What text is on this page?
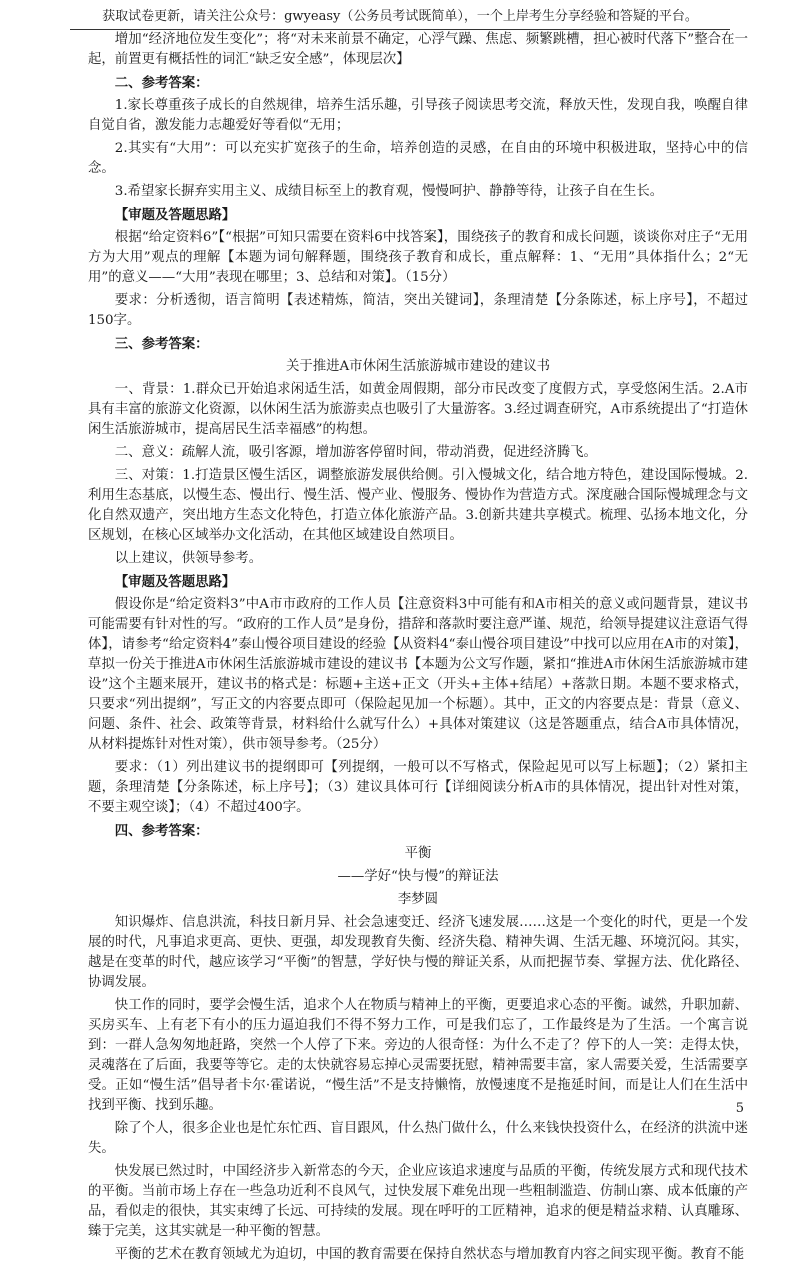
获取试卷更新，请关注公众号：gwyeasy（公务员考试既简单），一个上岸考生分享经验和答疑的平台。
增加“经济地位发生变化”；将“对未来前景不确定，心浮气躁、焦虑、频繁跳槽，担心被时代落下”整合在一起，前置更有概括性的词汇“缺乏安全感”，体现层次】
二、参考答案：
1.家长尊重孩子成长的自然规律，培养生活乐趣，引导孩子阅读思考交流，释放天性，发现自我，唤醒自律自觉自省，激发能力志趣爱好等看似“无用；
2.其实有“大用”：可以充实扩宽孩子的生命，培养创造的灵感，在自由的环境中积极进取，坚持心中的信念。
3.希望家长摒弃实用主义、成绩目标至上的教育观，慢慢呵护、静静等待，让孩子自在生长。
【审题及答题思路】
根据“给定资料6”【“根据”可知只需要在资料6中找答案】，围绕孩子的教育和成长问题，谈谈你对庄子“无用方为大用”观点的理解【本题为词句解释题，围绕孩子教育和成长，重点解释：1、“无用”具体指什么；2“无用”的意义——“大用”表现在哪里；3、总结和对策】。（15分）
要求：分析透彻，语言简明【表述精炼，简洁，突出关键词】，条理清楚【分条陈述，标上序号】，不超过150字。
三、参考答案：
关于推进A市休闲生活旅游城市建设的建议书
一、背景：1.群众已开始追求闲适生活，如黄金周假期，部分市民改变了度假方式，享受悠闲生活。2.A市具有丰富的旅游文化资源，以休闲生活为旅游卖点也吸引了大量游客。3.经过调查研究，A市系统提出了“打造休闲生活旅游城市，提高居民生活幸福感”的构想。
二、意义：疏解人流，吸引客源，增加游客停留时间，带动消费，促进经济腾飞。
三、对策：1.打造景区慢生活区，调整旅游发展供给侧。引入慢城文化，结合地方特色，建设国际慢城。2.利用生态基底，以慢生态、慢出行、慢生活、慢产业、慢服务、慢协作为营造方式。深度融合国际慢城理念与文化自然双遗产，突出地方生态文化特色，打造立体化旅游产品。3.创新共建共享模式。梳理、弘扬本地文化，分区规划，在核心区域举办文化活动，在其他区域建设自然项目。
以上建议，供领导参考。
【审题及答题思路】
假设你是“给定资料3”中A市市政府的工作人员【注意资料3中可能有和A市相关的意义或问题背景，建议书可能需要有针对性的写。“政府的工作人员”是身份，措辞和落款时要注意严谨、规范，给领导提建议注意语气得体】，请参考“给定资料4”泰山慢谷项目建设的经验【从资料4“泰山慢谷项目建设”中找可以应用在A市的对策】，草拟一份关于推进A市休闲生活旅游城市建设的建议书【本题为公文写作题，紧扣“推进A市休闲生活旅游城市建设”这个主题来展开，建议书的格式是：标题+主送+正文（开头+主体+结尾）+落款日期。本题不要求格式，只要求“列出提纲”，写正文的内容要点即可（保险起见加一个标题）。其中，正文的内容要点是：背景（意义、问题、条件、社会、政策等背景，材料给什么就写什么）+具体对策建议（这是答题重点，结合A市具体情况，从材料提炼针对性对策），供市领导参考。（25分）
要求：（1）列出建议书的提纲即可【列提纲，一般可以不写格式，保险起见可以写上标题】；（2）紧扣主题，条理清楚【分条陈述，标上序号】；（3）建议具体可行【详细阅读分析A市的具体情况，提出针对性对策，不要主观空谈】；（4）不超过400字。
四、参考答案：
平衡
——学好“快与慢”的辩证法
李梦圆
知识爆炸、信息洪流，科技日新月异、社会急速变迁、经济飞速发展……这是一个变化的时代，更是一个发展的时代，凡事追求更高、更快、更强，却发现教育失衡、经济失稳、精神失调、生活无趣、环境沉闷。其实，越是在变革的时代，越应该学习“平衡”的智慧，学好快与慢的辩证关系，从而把握节奏、掌握方法、优化路径、协调发展。
快工作的同时，要学会慢生活，追求个人在物质与精神上的平衡，更要追求心态的平衡。诚然，升职加薪、买房买车、上有老下有小的压力逼迫我们不得不努力工作，可是我们忘了，工作最终是为了生活。一个寓言说到：一群人急匆匆地赶路，突然一个人停了下来。旁边的人很奇怪：为什么不走了？停下的人一笑：走得太快，灵魂落在了后面，我要等等它。走的太快就容易忘掉心灵需要抚慰，精神需要丰富，家人需要关爱，生活需要享受。正如“慢生活”倡导者卡尔·霍诺说，“慢生活”不是支持懒惰，放慢速度不是拖延时间，而是让人们在生活中找到平衡、找到乐趣。
除了个人，很多企业也是忙东忙西、盲目跟风，什么热门做什么，什么来钱快投资什么，在经济的洪流中迷失。
快发展已然过时，中国经济步入新常态的今天，企业应该追求速度与品质的平衡，传统发展方式和现代技术的平衡。当前市场上存在一些急功近利不良风气，过快发展下难免出现一些粗制滥造、仿制山寨、成本低廉的产品，看似走的很快，其实束缚了长远、可持续的发展。现在呼吁的工匠精神，追求的便是精益求精、认真雕琢、臻于完美，这其实就是一种平衡的智慧。
平衡的艺术在教育领域尤为迫切，中国的教育需要在保持自然状态与增加教育内容之间实现平衡。教育不能
5
